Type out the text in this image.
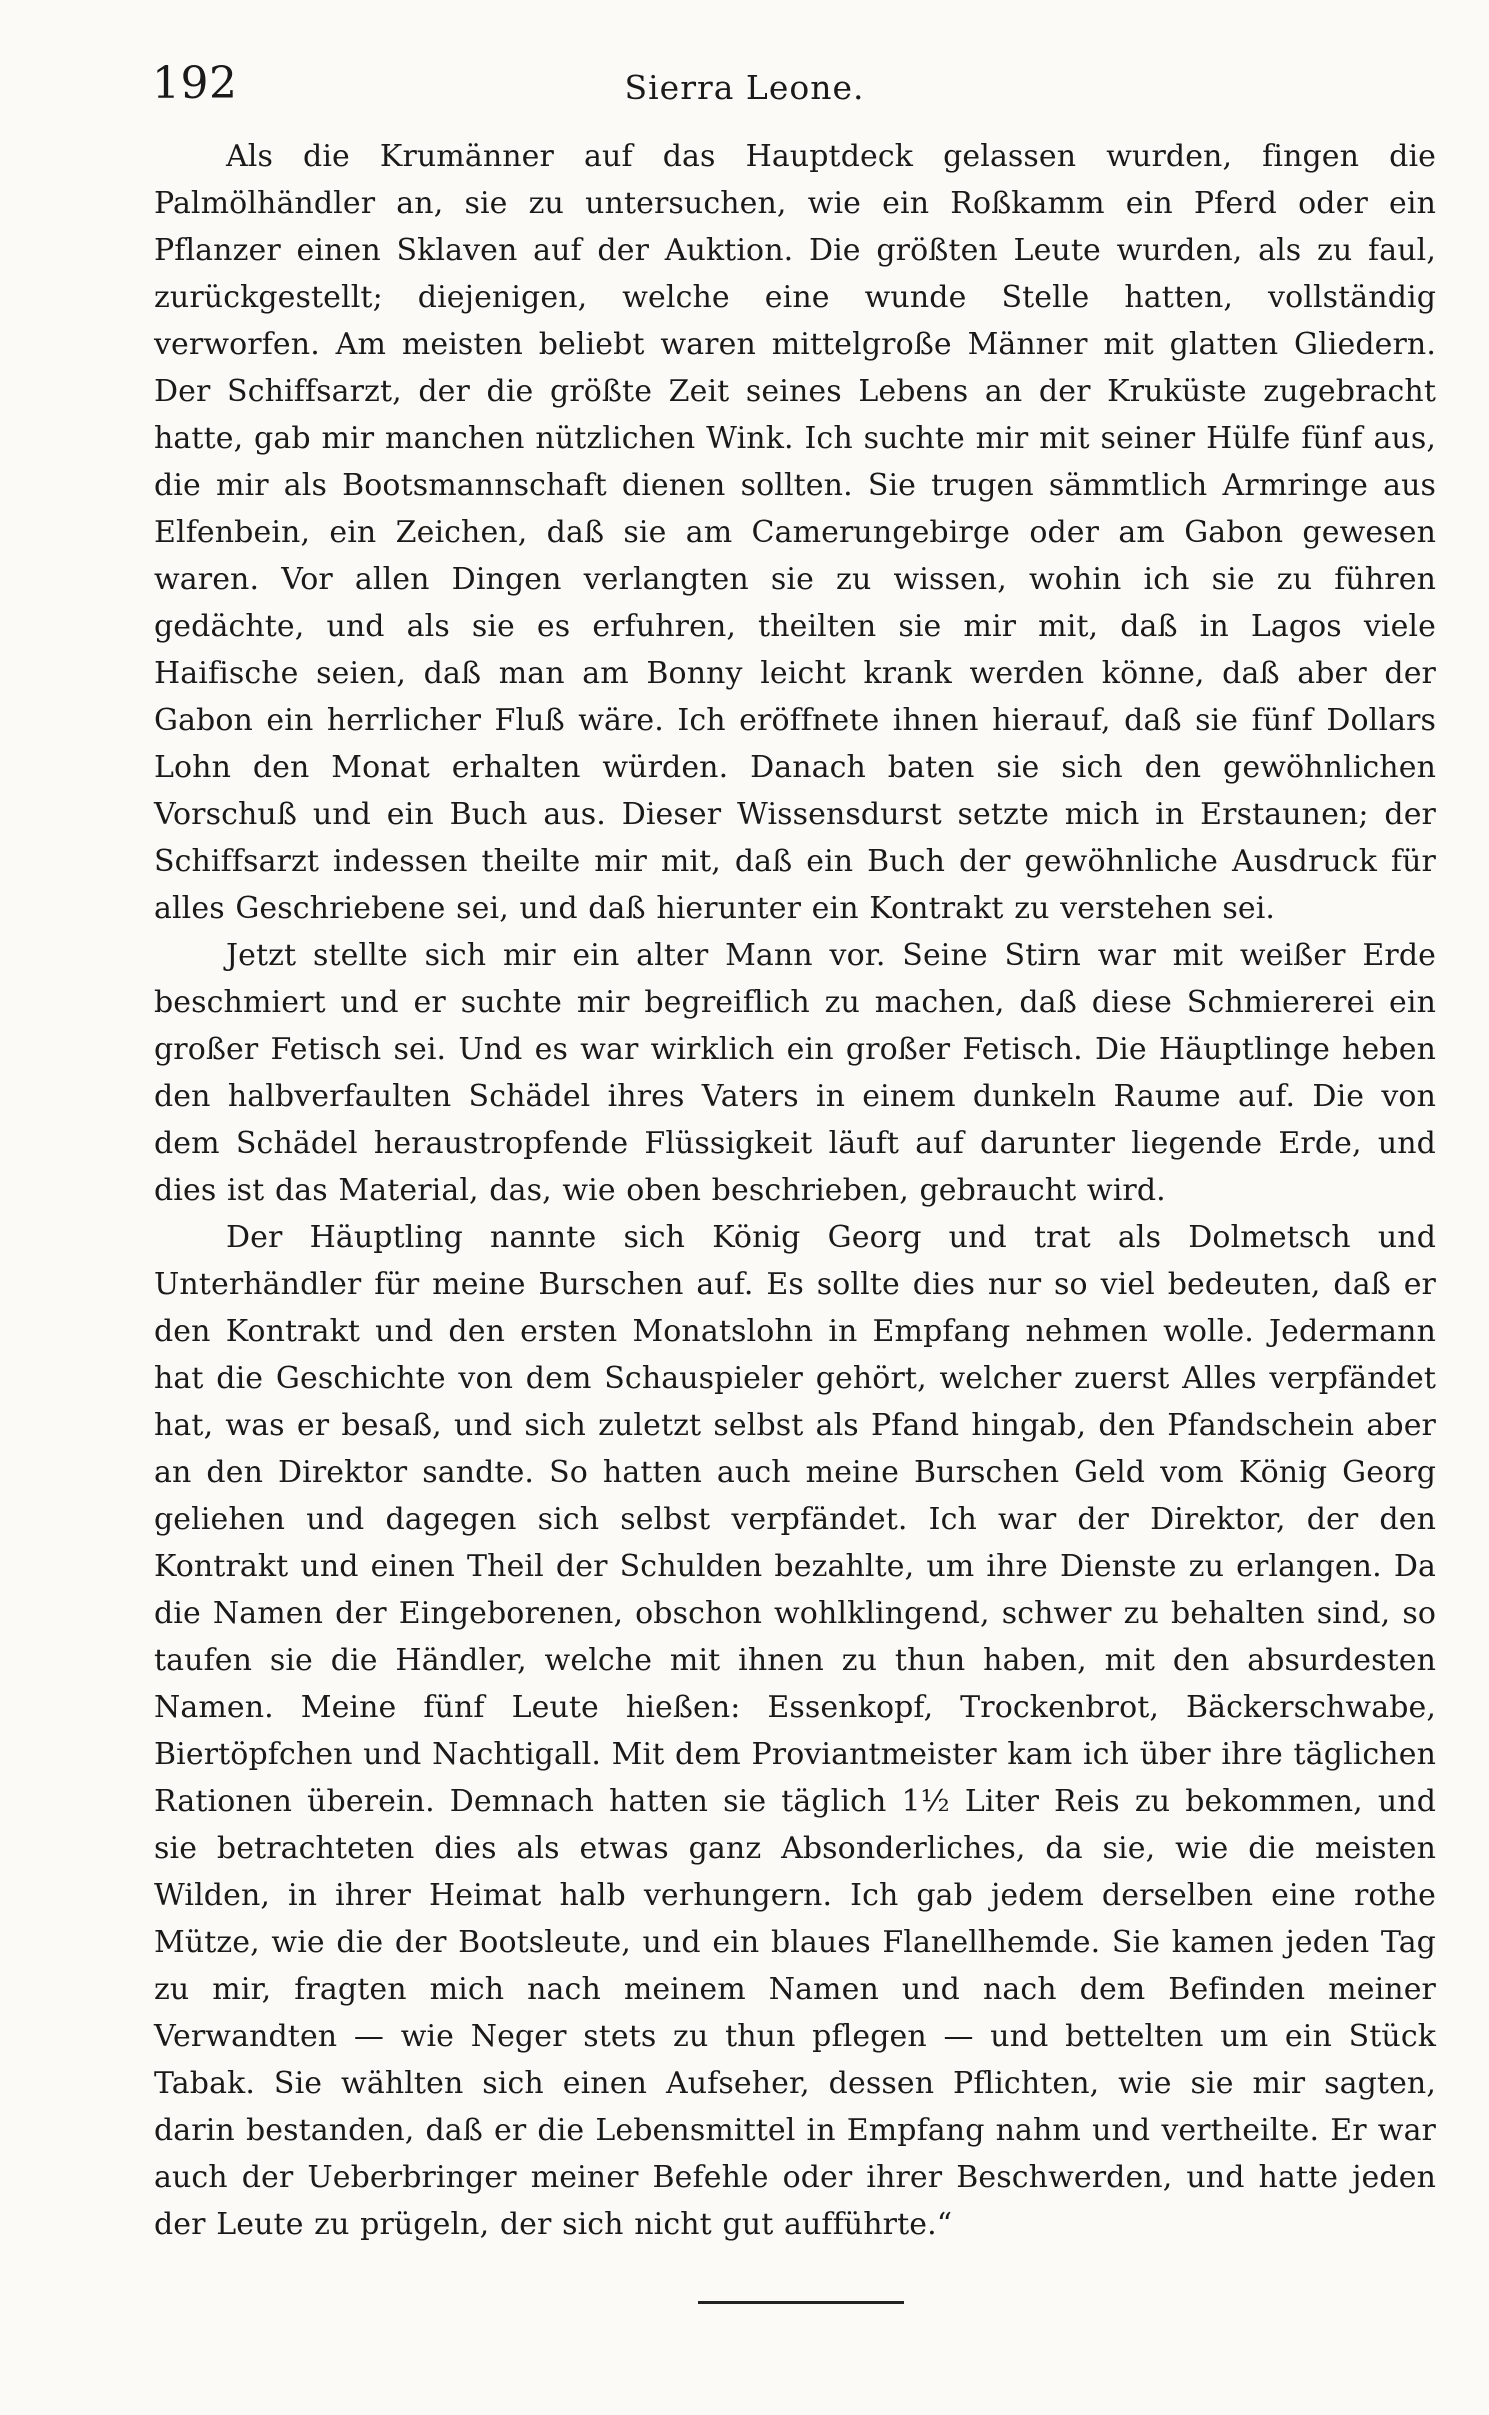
192	Sierra Leone.

Als die Krumänner auf das Hauptdeck gelassen wurden, fingen die Palmölhändler an, sie zu untersuchen, wie ein Roßkamm ein Pferd oder ein Pflanzer einen Sklaven auf der Auktion. Die größten Leute wurden, als zu faul, zurückgestellt; diejenigen, welche eine wunde Stelle hatten, vollständig verworfen. Am meisten beliebt waren mittelgroße Männer mit glatten Gliedern. Der Schiffsarzt, der die größte Zeit seines Lebens an der Kruküste zugebracht hatte, gab mir manchen nützlichen Wink. Ich suchte mir mit seiner Hülfe fünf aus, die mir als Bootsmannschaft dienen sollten. Sie trugen sämmtlich Armringe aus Elfenbein, ein Zeichen, daß sie am Camerungebirge oder am Gabon gewesen waren. Vor allen Dingen verlangten sie zu wissen, wohin ich sie zu führen gedächte, und als sie es erfuhren, theilten sie mir mit, daß in Lagos viele Haifische seien, daß man am Bonny leicht krank werden könne, daß aber der Gabon ein herrlicher Fluß wäre. Ich eröffnete ihnen hierauf, daß sie fünf Dollars Lohn den Monat erhalten würden. Danach baten sie sich den gewöhnlichen Vorschuß und ein Buch aus. Dieser Wissensdurst setzte mich in Erstaunen; der Schiffsarzt indessen theilte mir mit, daß ein Buch der gewöhnliche Ausdruck für alles Geschriebene sei, und daß hierunter ein Kontrakt zu verstehen sei.

Jetzt stellte sich mir ein alter Mann vor. Seine Stirn war mit weißer Erde beschmiert und er suchte mir begreiflich zu machen, daß diese Schmiererei ein großer Fetisch sei. Und es war wirklich ein großer Fetisch. Die Häuptlinge heben den halbverfaulten Schädel ihres Vaters in einem dunkeln Raume auf. Die von dem Schädel heraustropfende Flüssigkeit läuft auf darunter liegende Erde, und dies ist das Material, das, wie oben beschrieben, gebraucht wird.

Der Häuptling nannte sich König Georg und trat als Dolmetsch und Unterhändler für meine Burschen auf. Es sollte dies nur so viel bedeuten, daß er den Kontrakt und den ersten Monatslohn in Empfang nehmen wolle. Jedermann hat die Geschichte von dem Schauspieler gehört, welcher zuerst Alles verpfändet hat, was er besaß, und sich zuletzt selbst als Pfand hingab, den Pfandschein aber an den Direktor sandte. So hatten auch meine Burschen Geld vom König Georg geliehen und dagegen sich selbst verpfändet. Ich war der Direktor, der den Kontrakt und einen Theil der Schulden bezahlte, um ihre Dienste zu erlangen. Da die Namen der Eingeborenen, obschon wohlklingend, schwer zu behalten sind, so taufen sie die Händler, welche mit ihnen zu thun haben, mit den absurdesten Namen. Meine fünf Leute hießen: Essenkopf, Trockenbrot, Bäckerschwabe, Biertöpfchen und Nachtigall. Mit dem Proviantmeister kam ich über ihre täglichen Rationen überein. Demnach hatten sie täglich 1½ Liter Reis zu bekommen, und sie betrachteten dies als etwas ganz Absonderliches, da sie, wie die meisten Wilden, in ihrer Heimat halb verhungern. Ich gab jedem derselben eine rothe Mütze, wie die der Bootsleute, und ein blaues Flanellhemde. Sie kamen jeden Tag zu mir, fragten mich nach meinem Namen und nach dem Befinden meiner Verwandten — wie Neger stets zu thun pflegen — und bettelten um ein Stück Tabak. Sie wählten sich einen Aufseher, dessen Pflichten, wie sie mir sagten, darin bestanden, daß er die Lebensmittel in Empfang nahm und vertheilte. Er war auch der Ueberbringer meiner Befehle oder ihrer Beschwerden, und hatte jeden der Leute zu prügeln, der sich nicht gut aufführte.“
